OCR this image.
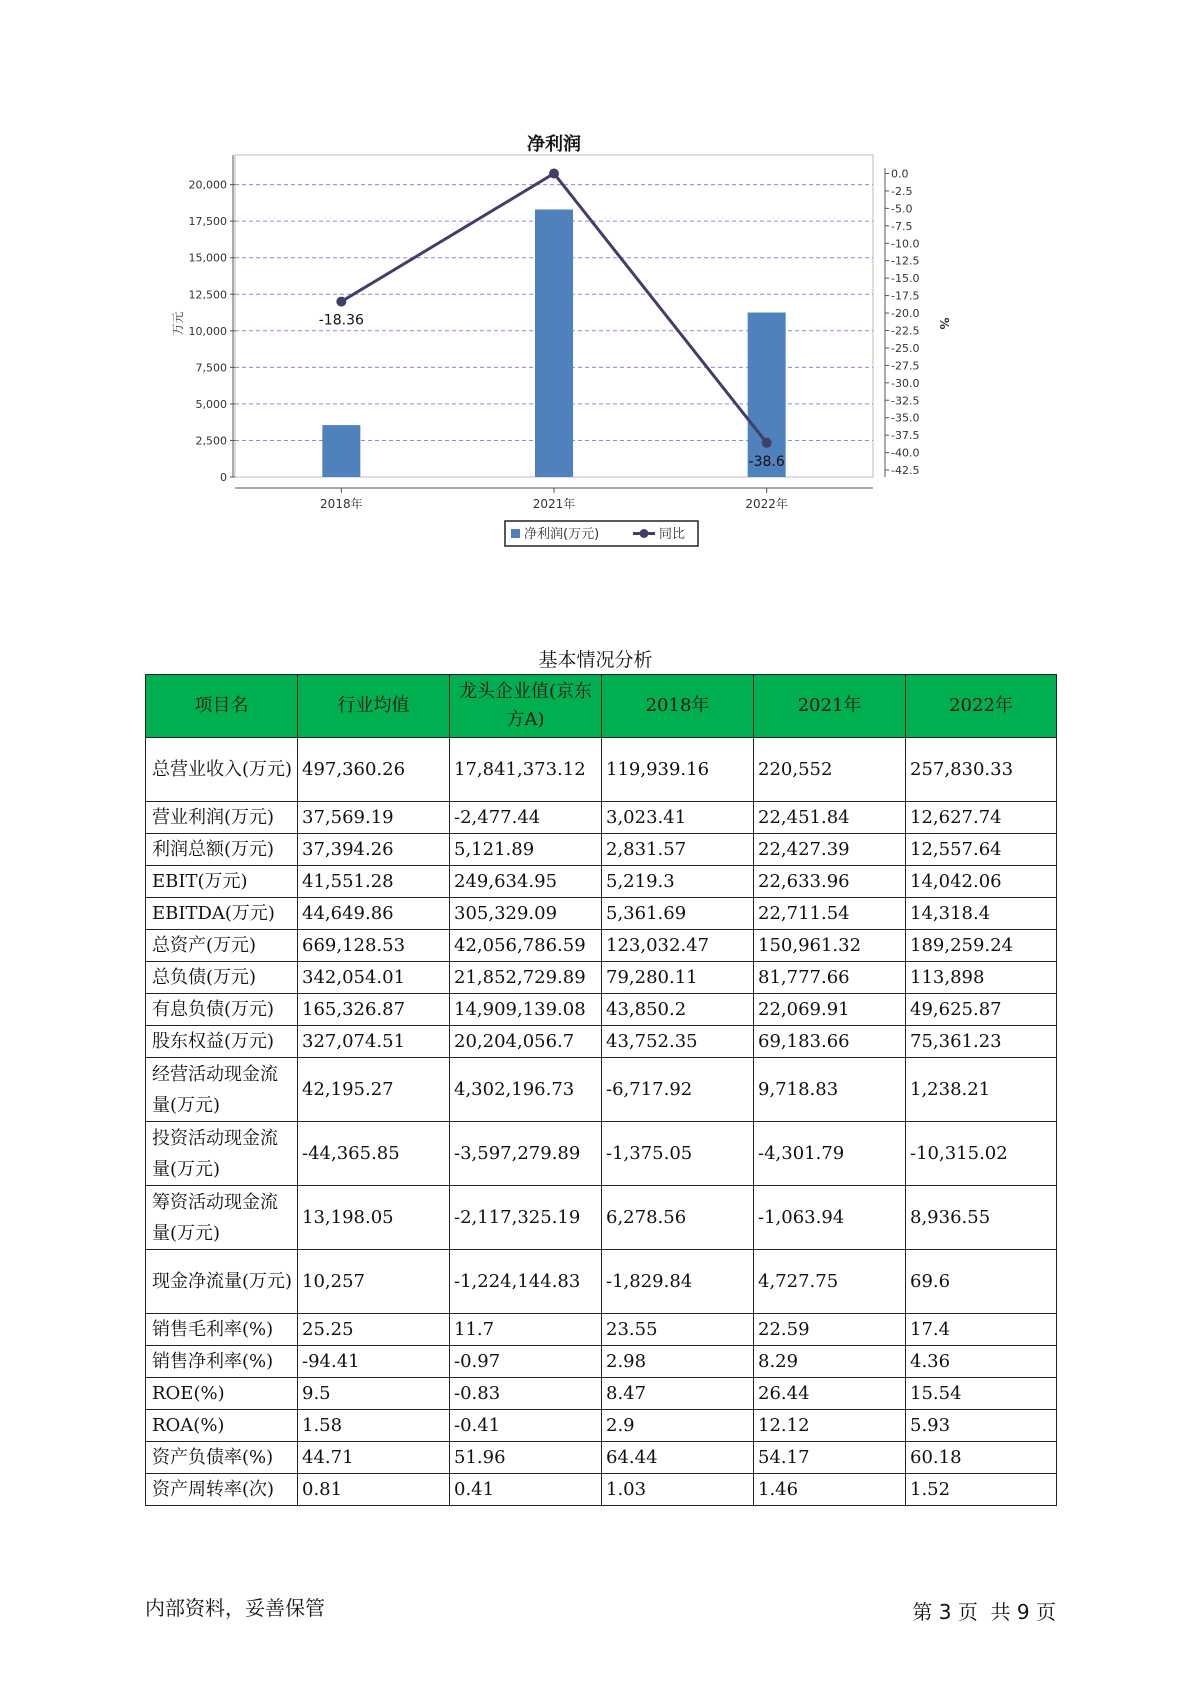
净利润
0
2,500
5,000
7,500
10,000
12,500
15,000
17,500
20,000
万元
0.0
-2.5
-5.0
-7.5
-10.0
-12.5
-15.0
-17.5
-20.0
-22.5
-25.0
-27.5
-30.0
-32.5
-35.0
-37.5
-40.0
-42.5
%
2018年	2021年	2022年
-18.36
-38.6
净利润(万元)	同比
基本情况分析
项目名	行业均值	龙头企业值(京东方A)	2018年	2021年	2022年
总营业收入(万元)	497,360.26	17,841,373.12	119,939.16	220,552	257,830.33
营业利润(万元)	37,569.19	-2,477.44	3,023.41	22,451.84	12,627.74
利润总额(万元)	37,394.26	5,121.89	2,831.57	22,427.39	12,557.64
EBIT(万元)	41,551.28	249,634.95	5,219.3	22,633.96	14,042.06
EBITDA(万元)	44,649.86	305,329.09	5,361.69	22,711.54	14,318.4
总资产(万元)	669,128.53	42,056,786.59	123,032.47	150,961.32	189,259.24
总负债(万元)	342,054.01	21,852,729.89	79,280.11	81,777.66	113,898
有息负债(万元)	165,326.87	14,909,139.08	43,850.2	22,069.91	49,625.87
股东权益(万元)	327,074.51	20,204,056.7	43,752.35	69,183.66	75,361.23
经营活动现金流量(万元)	42,195.27	4,302,196.73	-6,717.92	9,718.83	1,238.21
投资活动现金流量(万元)	-44,365.85	-3,597,279.89	-1,375.05	-4,301.79	-10,315.02
筹资活动现金流量(万元)	13,198.05	-2,117,325.19	6,278.56	-1,063.94	8,936.55
现金净流量(万元)	10,257	-1,224,144.83	-1,829.84	4,727.75	69.6
销售毛利率(%)	25.25	11.7	23.55	22.59	17.4
销售净利率(%)	-94.41	-0.97	2.98	8.29	4.36
ROE(%)	9.5	-0.83	8.47	26.44	15.54
ROA(%)	1.58	-0.41	2.9	12.12	5.93
资产负债率(%)	44.71	51.96	64.44	54.17	60.18
资产周转率(次)	0.81	0.41	1.03	1.46	1.52
内部资料，妥善保管	第 3 页  共 9 页
